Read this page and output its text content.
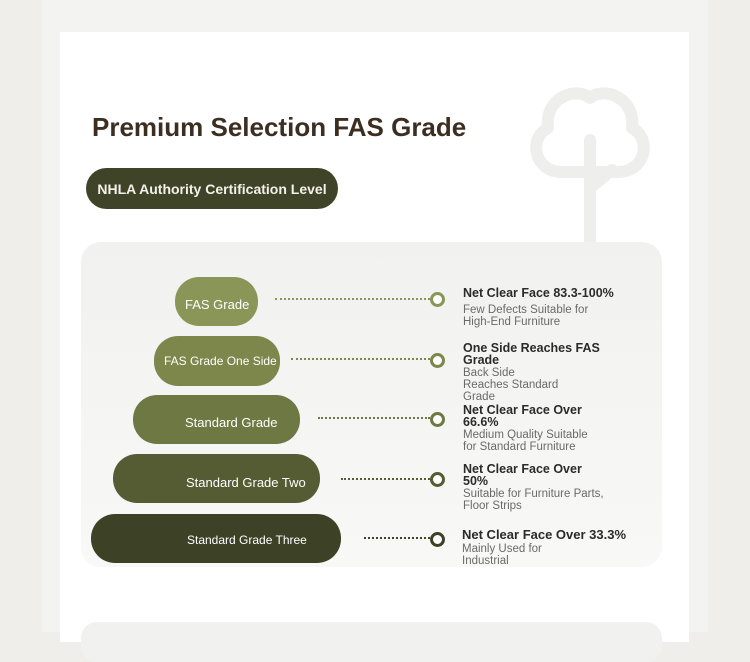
Premium Selection FAS Grade
NHLA Authority Certification Level
FAS Grade
Net Clear Face 83.3-100%
Few Defects Suitable for High-End Furniture
FAS Grade One Side
One Side Reaches FAS Grade
Back Side Reaches Standard Grade
Standard Grade
Net Clear Face Over 66.6%
Medium Quality Suitable for Standard Furniture
Standard Grade Two
Net Clear Face Over 50%
Suitable for Furniture Parts, Floor Strips
Standard Grade Three	Net Clear Face Over 33.3%
Mainly Used for Industrial
